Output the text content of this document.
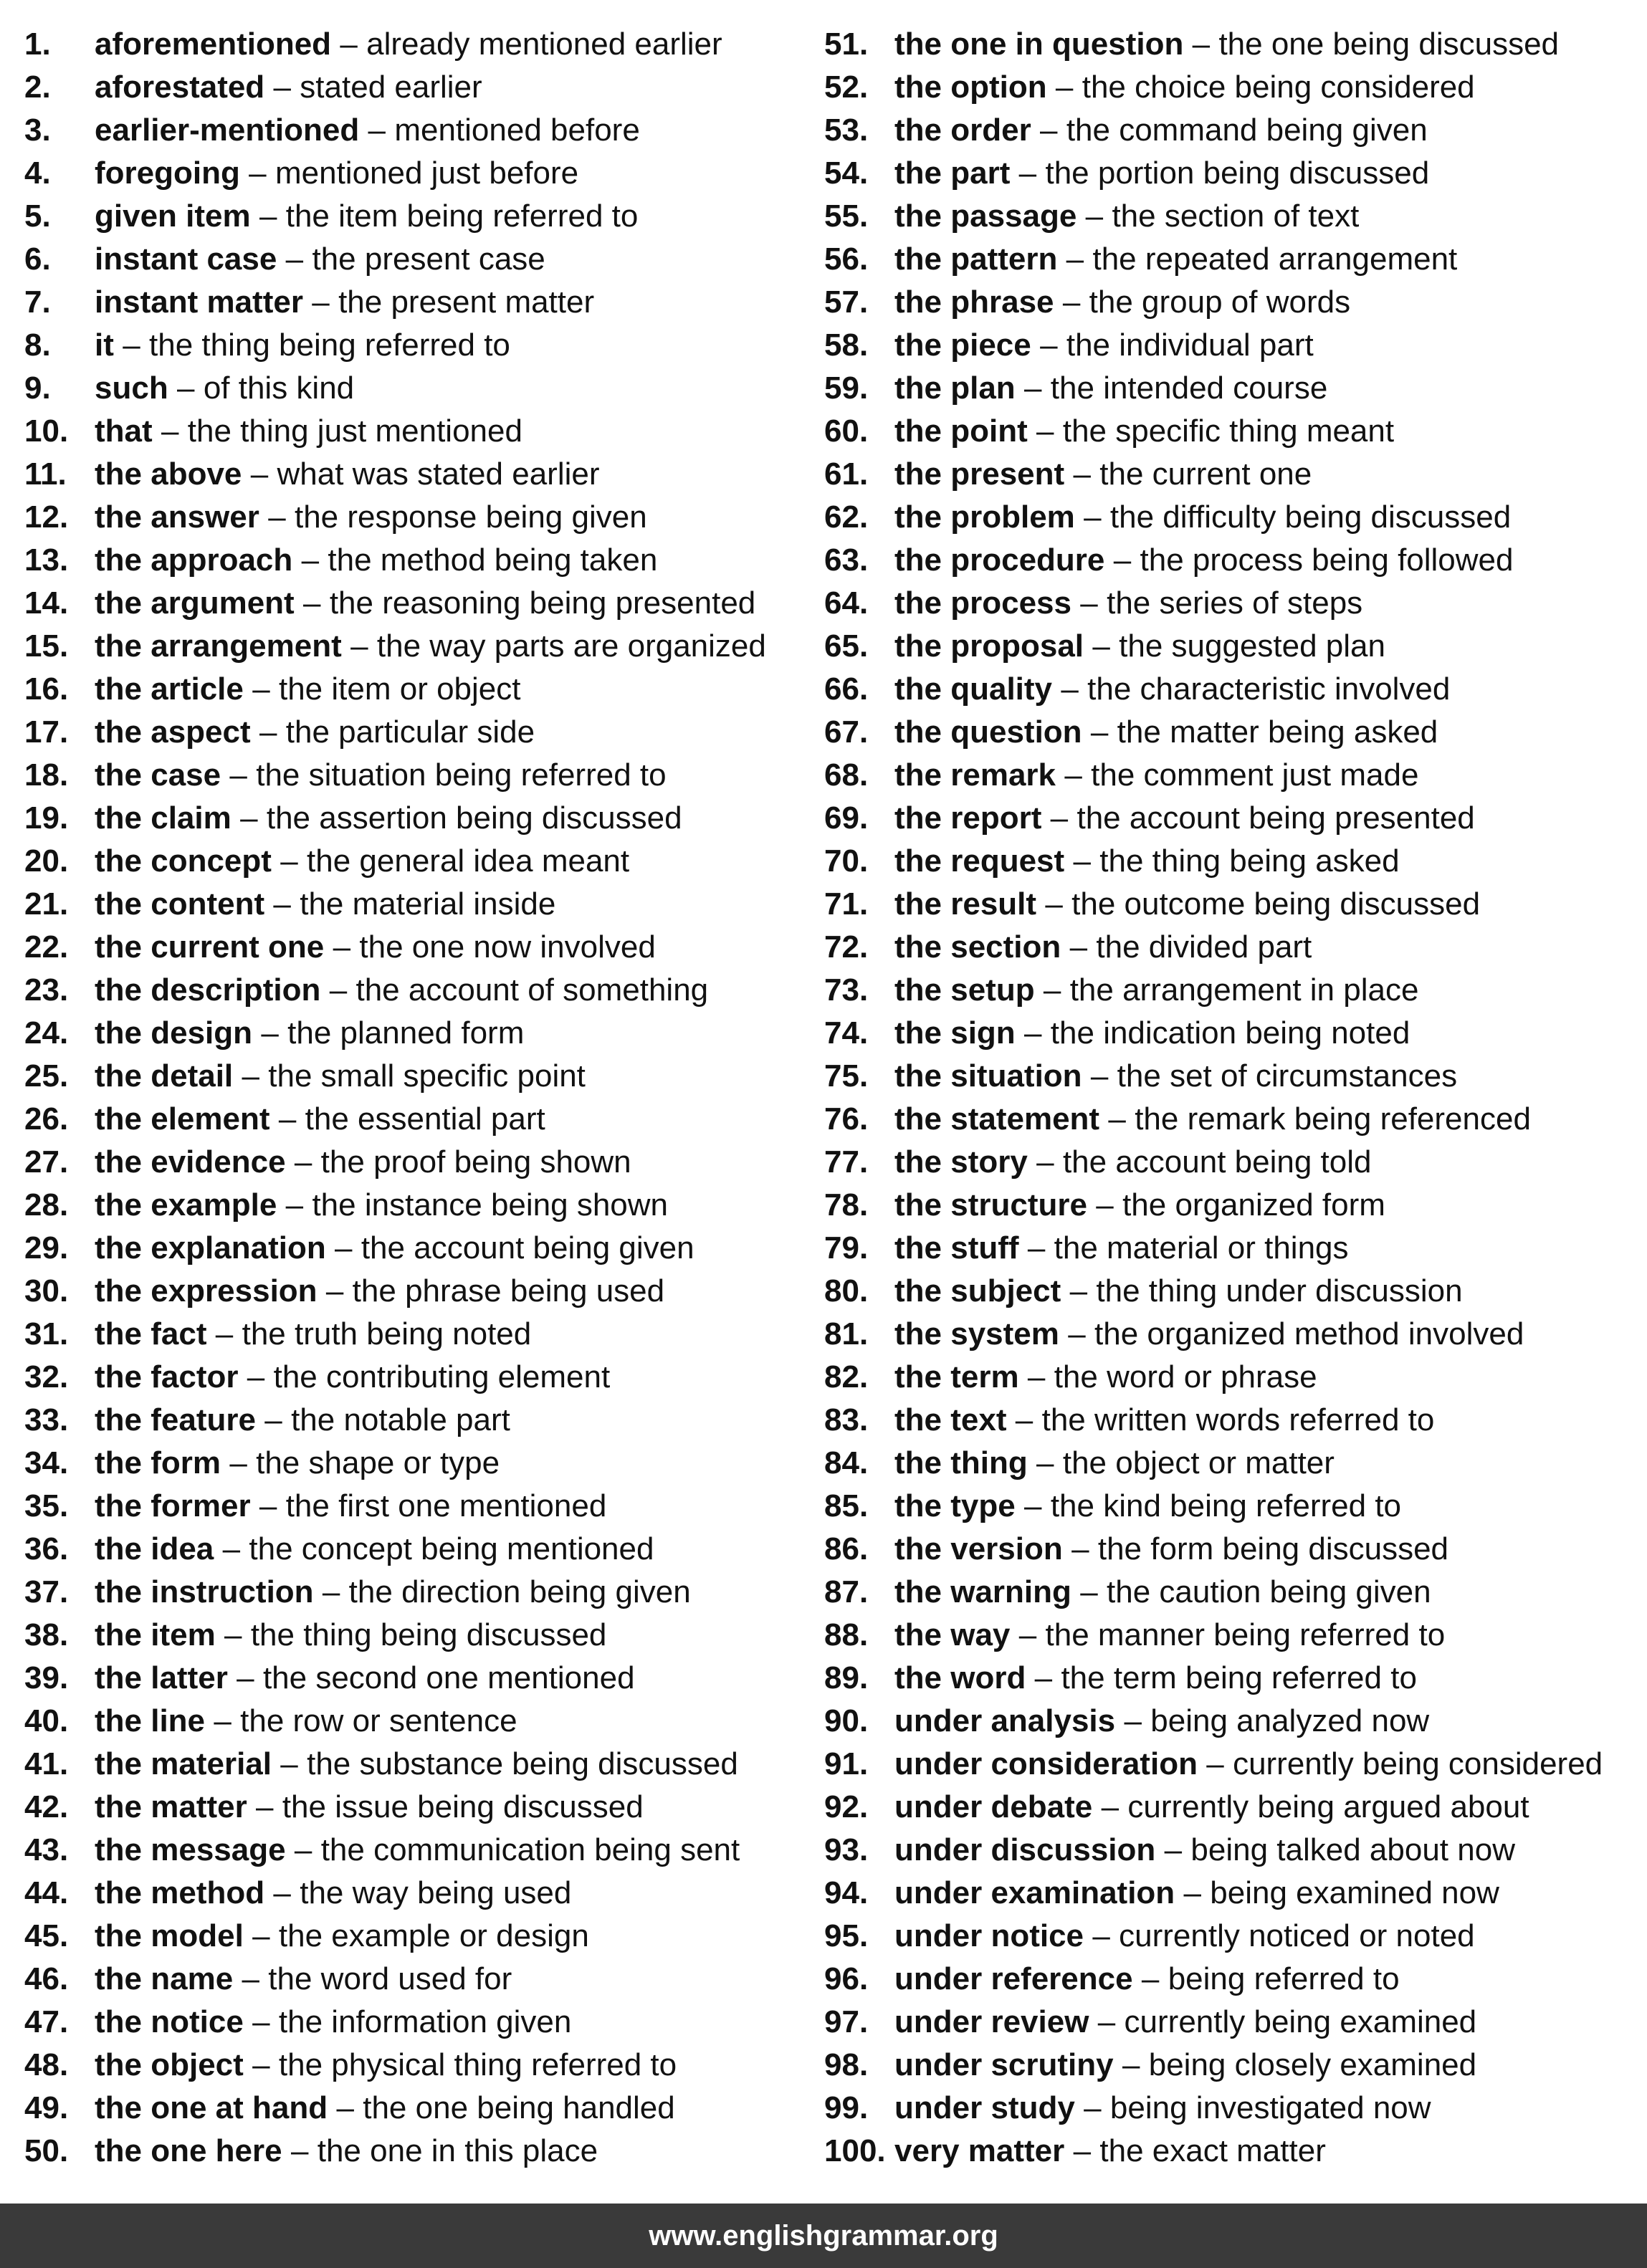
1.	aforementioned – already mentioned earlier
2.	aforestated – stated earlier
3.	earlier-mentioned – mentioned before
4.	foregoing – mentioned just before
5.	given item – the item being referred to
6.	instant case – the present case
7.	instant matter – the present matter
8.	it – the thing being referred to
9.	such – of this kind
10. that – the thing just mentioned
11. the above – what was stated earlier
12. the answer – the response being given
13. the approach – the method being taken
14. the argument – the reasoning being presented
15. the arrangement – the way parts are organized
16. the article – the item or object
17. the aspect – the particular side
18. the case – the situation being referred to
19. the claim – the assertion being discussed
20. the concept – the general idea meant
21. the content – the material inside
22. the current one – the one now involved
23. the description – the account of something
24. the design – the planned form
25. the detail – the small specific point
26. the element – the essential part
27. the evidence – the proof being shown
28. the example – the instance being shown
29. the explanation – the account being given
30. the expression – the phrase being used
31. the fact – the truth being noted
32. the factor – the contributing element
33. the feature – the notable part
34. the form – the shape or type
35. the former – the first one mentioned
36. the idea – the concept being mentioned
37. the instruction – the direction being given
38. the item – the thing being discussed
39. the latter – the second one mentioned
40. the line – the row or sentence
41. the material – the substance being discussed
42. the matter – the issue being discussed
43. the message – the communication being sent
44. the method – the way being used
45. the model – the example or design
46. the name – the word used for
47. the notice – the information given
48. the object – the physical thing referred to
49. the one at hand – the one being handled
50. the one here – the one in this place
51. the one in question – the one being discussed
52. the option – the choice being considered
53. the order – the command being given
54. the part – the portion being discussed
55. the passage – the section of text
56. the pattern – the repeated arrangement
57. the phrase – the group of words
58. the piece – the individual part
59. the plan – the intended course
60. the point – the specific thing meant
61. the present – the current one
62. the problem – the difficulty being discussed
63. the procedure – the process being followed
64. the process – the series of steps
65. the proposal – the suggested plan
66. the quality – the characteristic involved
67. the question – the matter being asked
68. the remark – the comment just made
69. the report – the account being presented
70. the request – the thing being asked
71. the result – the outcome being discussed
72. the section – the divided part
73. the setup – the arrangement in place
74. the sign – the indication being noted
75. the situation – the set of circumstances
76. the statement – the remark being referenced
77. the story – the account being told
78. the structure – the organized form
79. the stuff – the material or things
80. the subject – the thing under discussion
81. the system – the organized method involved
82. the term – the word or phrase
83. the text – the written words referred to
84. the thing – the object or matter
85. the type – the kind being referred to
86. the version – the form being discussed
87. the warning – the caution being given
88. the way – the manner being referred to
89. the word – the term being referred to
90. under analysis – being analyzed now
91. under consideration – currently being considered
92. under debate – currently being argued about
93. under discussion – being talked about now
94. under examination – being examined now
95. under notice – currently noticed or noted
96. under reference – being referred to
97. under review – currently being examined
98. under scrutiny – being closely examined
99. under study – being investigated now
100. very matter – the exact matter
www.englishgrammar.org
